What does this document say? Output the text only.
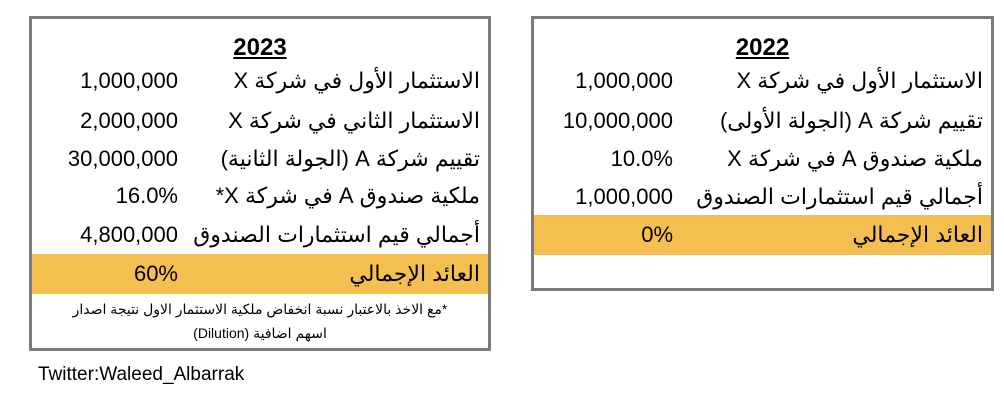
2023
الاستثمار الأول في شركة X
1,000,000
الاستثمار الثاني في شركة X
2,000,000
تقييم شركة A (الجولة الثانية)
30,000,000
ملكية صندوق A في شركة X*
16.0%
أجمالي قيم استثمارات الصندوق
4,800,000
العائد الإجمالي
60%
*مع الاخذ بالاعتبار نسبة انخفاض ملكية الاستثمار الاول نتيجة اصدار
اسهم اضافية (Dilution)
2022
الاستثمار الأول في شركة X
1,000,000
تقييم شركة A (الجولة الأولى)
10,000,000
ملكية صندوق A في شركة X
10.0%
أجمالي قيم استثمارات الصندوق
1,000,000
العائد الإجمالي
0%
Twitter:Waleed_Albarrak
